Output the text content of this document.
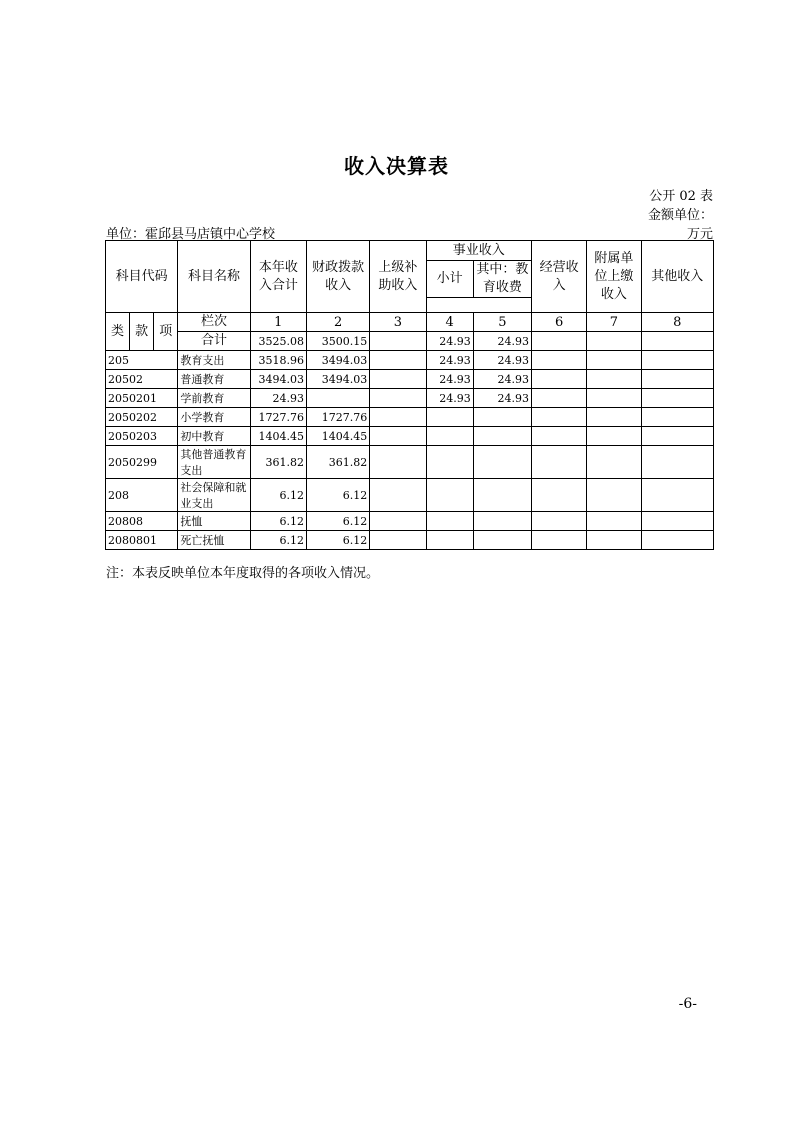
收入决算表
公开 02 表
金额单位：
单位：霍邱县马店镇中心学校	万元
科目代码			科目名称	本年收入合计	财政拨款收入	上级补助收入	事业收入		经营收入	附属单位上缴收入	其他收入
							小计	其中：教育收费			

类	款	项	栏次	1	2	3	4	5	6	7	8
			合计	3525.08	3500.15		24.93	24.93			
205			教育支出	3518.96	3494.03		24.93	24.93			
20502			普通教育	3494.03	3494.03		24.93	24.93			
2050201			学前教育	24.93			24.93	24.93			
2050202			小学教育	1727.76	1727.76						
2050203			初中教育	1404.45	1404.45						
2050299			其他普通教育支出	361.82	361.82						
208			社会保障和就业支出	6.12	6.12						
20808			抚恤	6.12	6.12						
2080801			死亡抚恤	6.12	6.12						
注：本表反映单位本年度取得的各项收入情况。
-6-
